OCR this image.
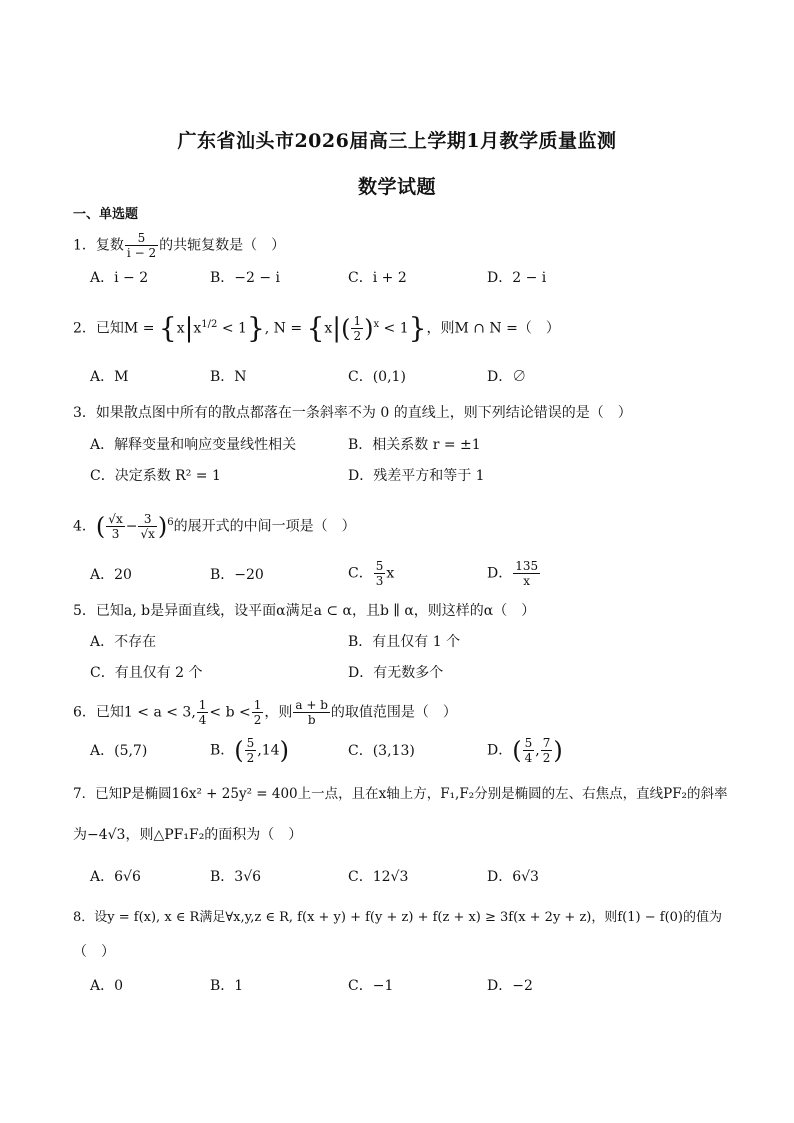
广东省汕头市2026届高三上学期1月教学质量监测
数学试题
一、单选题
1．复数 $\frac{5}{i - 2}$ 的共轭复数是（　）
A．i − 2	B．−2 − i	C．i + 2	D．2 − i
2．已知$M = \{x|x^{1/2} < 1\}$, $N = \{x|( \frac{1}{2} )^x < 1\}$，则M ∩ N =（　）
A．M	B．N	C．(0,1)	D．∅
3．如果散点图中所有的散点都落在一条斜率不为 0 的直线上，则下列结论错误的是（　）
A．解释变量和响应变量线性相关	B．相关系数 r = ±1
C．决定系数 R² = 1	D．残差平方和等于 1
4．( $\frac{√x}{3} - \frac{3}{√x} )^6$的展开式的中间一项是（　）
A．20	B．−20	C． $\frac{5}{3}$ x	D． $\frac{135}{x}$
5．已知a, b是异面直线，设平面α满足a ⊂ α，且b ∥ α，则这样的α（　）
A．不存在	B．有且仅有 1 个
C．有且仅有 2 个	D．有无数多个
6．已知1 < a < 3, $\frac{1}{4} < b < \frac{1}{2}$ ，则 $\frac{a + b}{b}$ 的取值范围是（　）
A．(5,7)	B．( $\frac{5}{2} ,14$)	C．(3,13)	D．( $\frac{5}{4}$ , $\frac{7}{2}$ )
7．已知P是椭圆16x² + 25y² = 400上一点，且在x轴上方，F₁,F₂分别是椭圆的左、右焦点，直线PF₂的斜率
为−4√3，则△PF₁F₂的面积为（　）
A．6√6	B．3√6	C．12√3	D．6√3
8．设y = f(x), x ∈ R满足∀x,y,z ∈ R, f(x + y) + f(y + z) + f(z + x) ≥ 3f(x + 2y + z)，则f(1) − f(0)的值为
（　）
A．0	B．1	C．−1	D．−2
